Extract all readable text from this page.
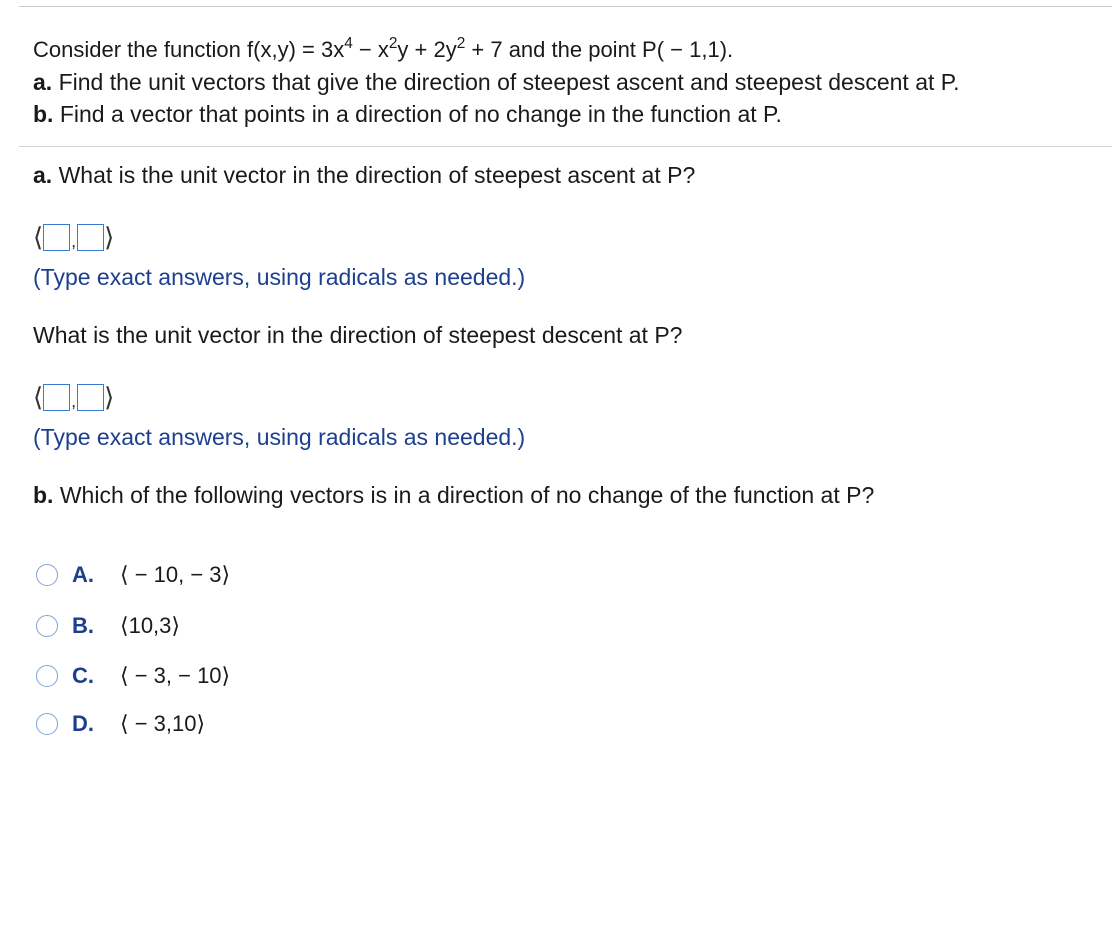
Consider the function $f(x,y) = 3x^4 - x^2y + 2y^2 + 7$ and the point P( − 1,1).
a. Find the unit vectors that give the direction of steepest ascent and steepest descent at P.
b. Find a vector that points in a direction of no change in the function at P.
a. What is the unit vector in the direction of steepest ascent at P?
⟨ , ⟩
(Type exact answers, using radicals as needed.)
What is the unit vector in the direction of steepest descent at P?
⟨ , ⟩
(Type exact answers, using radicals as needed.)
b. Which of the following vectors is in a direction of no change of the function at P?
A.	⟨ − 10, − 3⟩
B.	⟨10,3⟩
C.	⟨ − 3, − 10⟩
D.	⟨ − 3,10⟩
